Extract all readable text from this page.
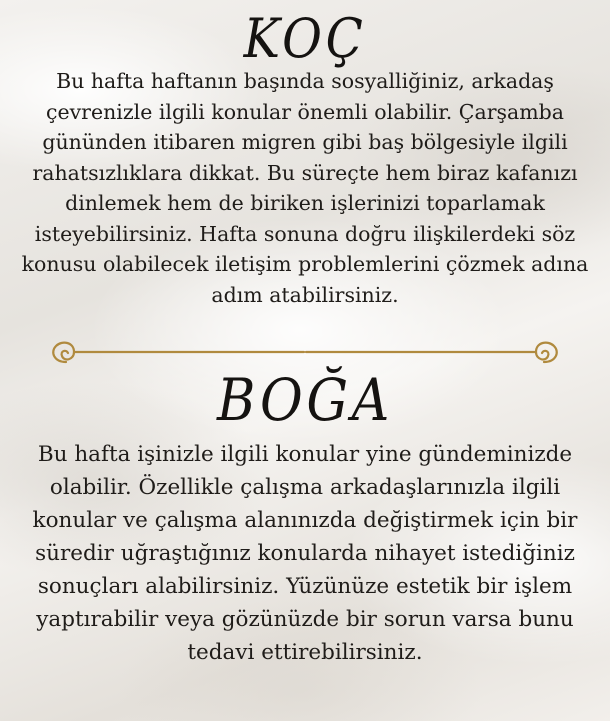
KOÇ

Bu hafta haftanın başında sosyalliğiniz, arkadaş çevrenizle ilgili konular önemli olabilir. Çarşamba gününden itibaren migren gibi baş bölgesiyle ilgili rahatsızlıklara dikkat. Bu süreçte hem biraz kafanızı dinlemek hem de biriken işlerinizi toparlamak isteyebilirsiniz. Hafta sonuna doğru ilişkilerdeki söz konusu olabilecek iletişim problemlerini çözmek adına adım atabilirsiniz.

BOĞA

Bu hafta işinizle ilgili konular yine gündeminizde olabilir. Özellikle çalışma arkadaşlarınızla ilgili konular ve çalışma alanınızda değiştirmek için bir süredir uğraştığınız konularda nihayet istediğiniz sonuçları alabilirsiniz. Yüzünüze estetik bir işlem yaptırabilir veya gözünüzde bir sorun varsa bunu tedavi ettirebilirsiniz.
